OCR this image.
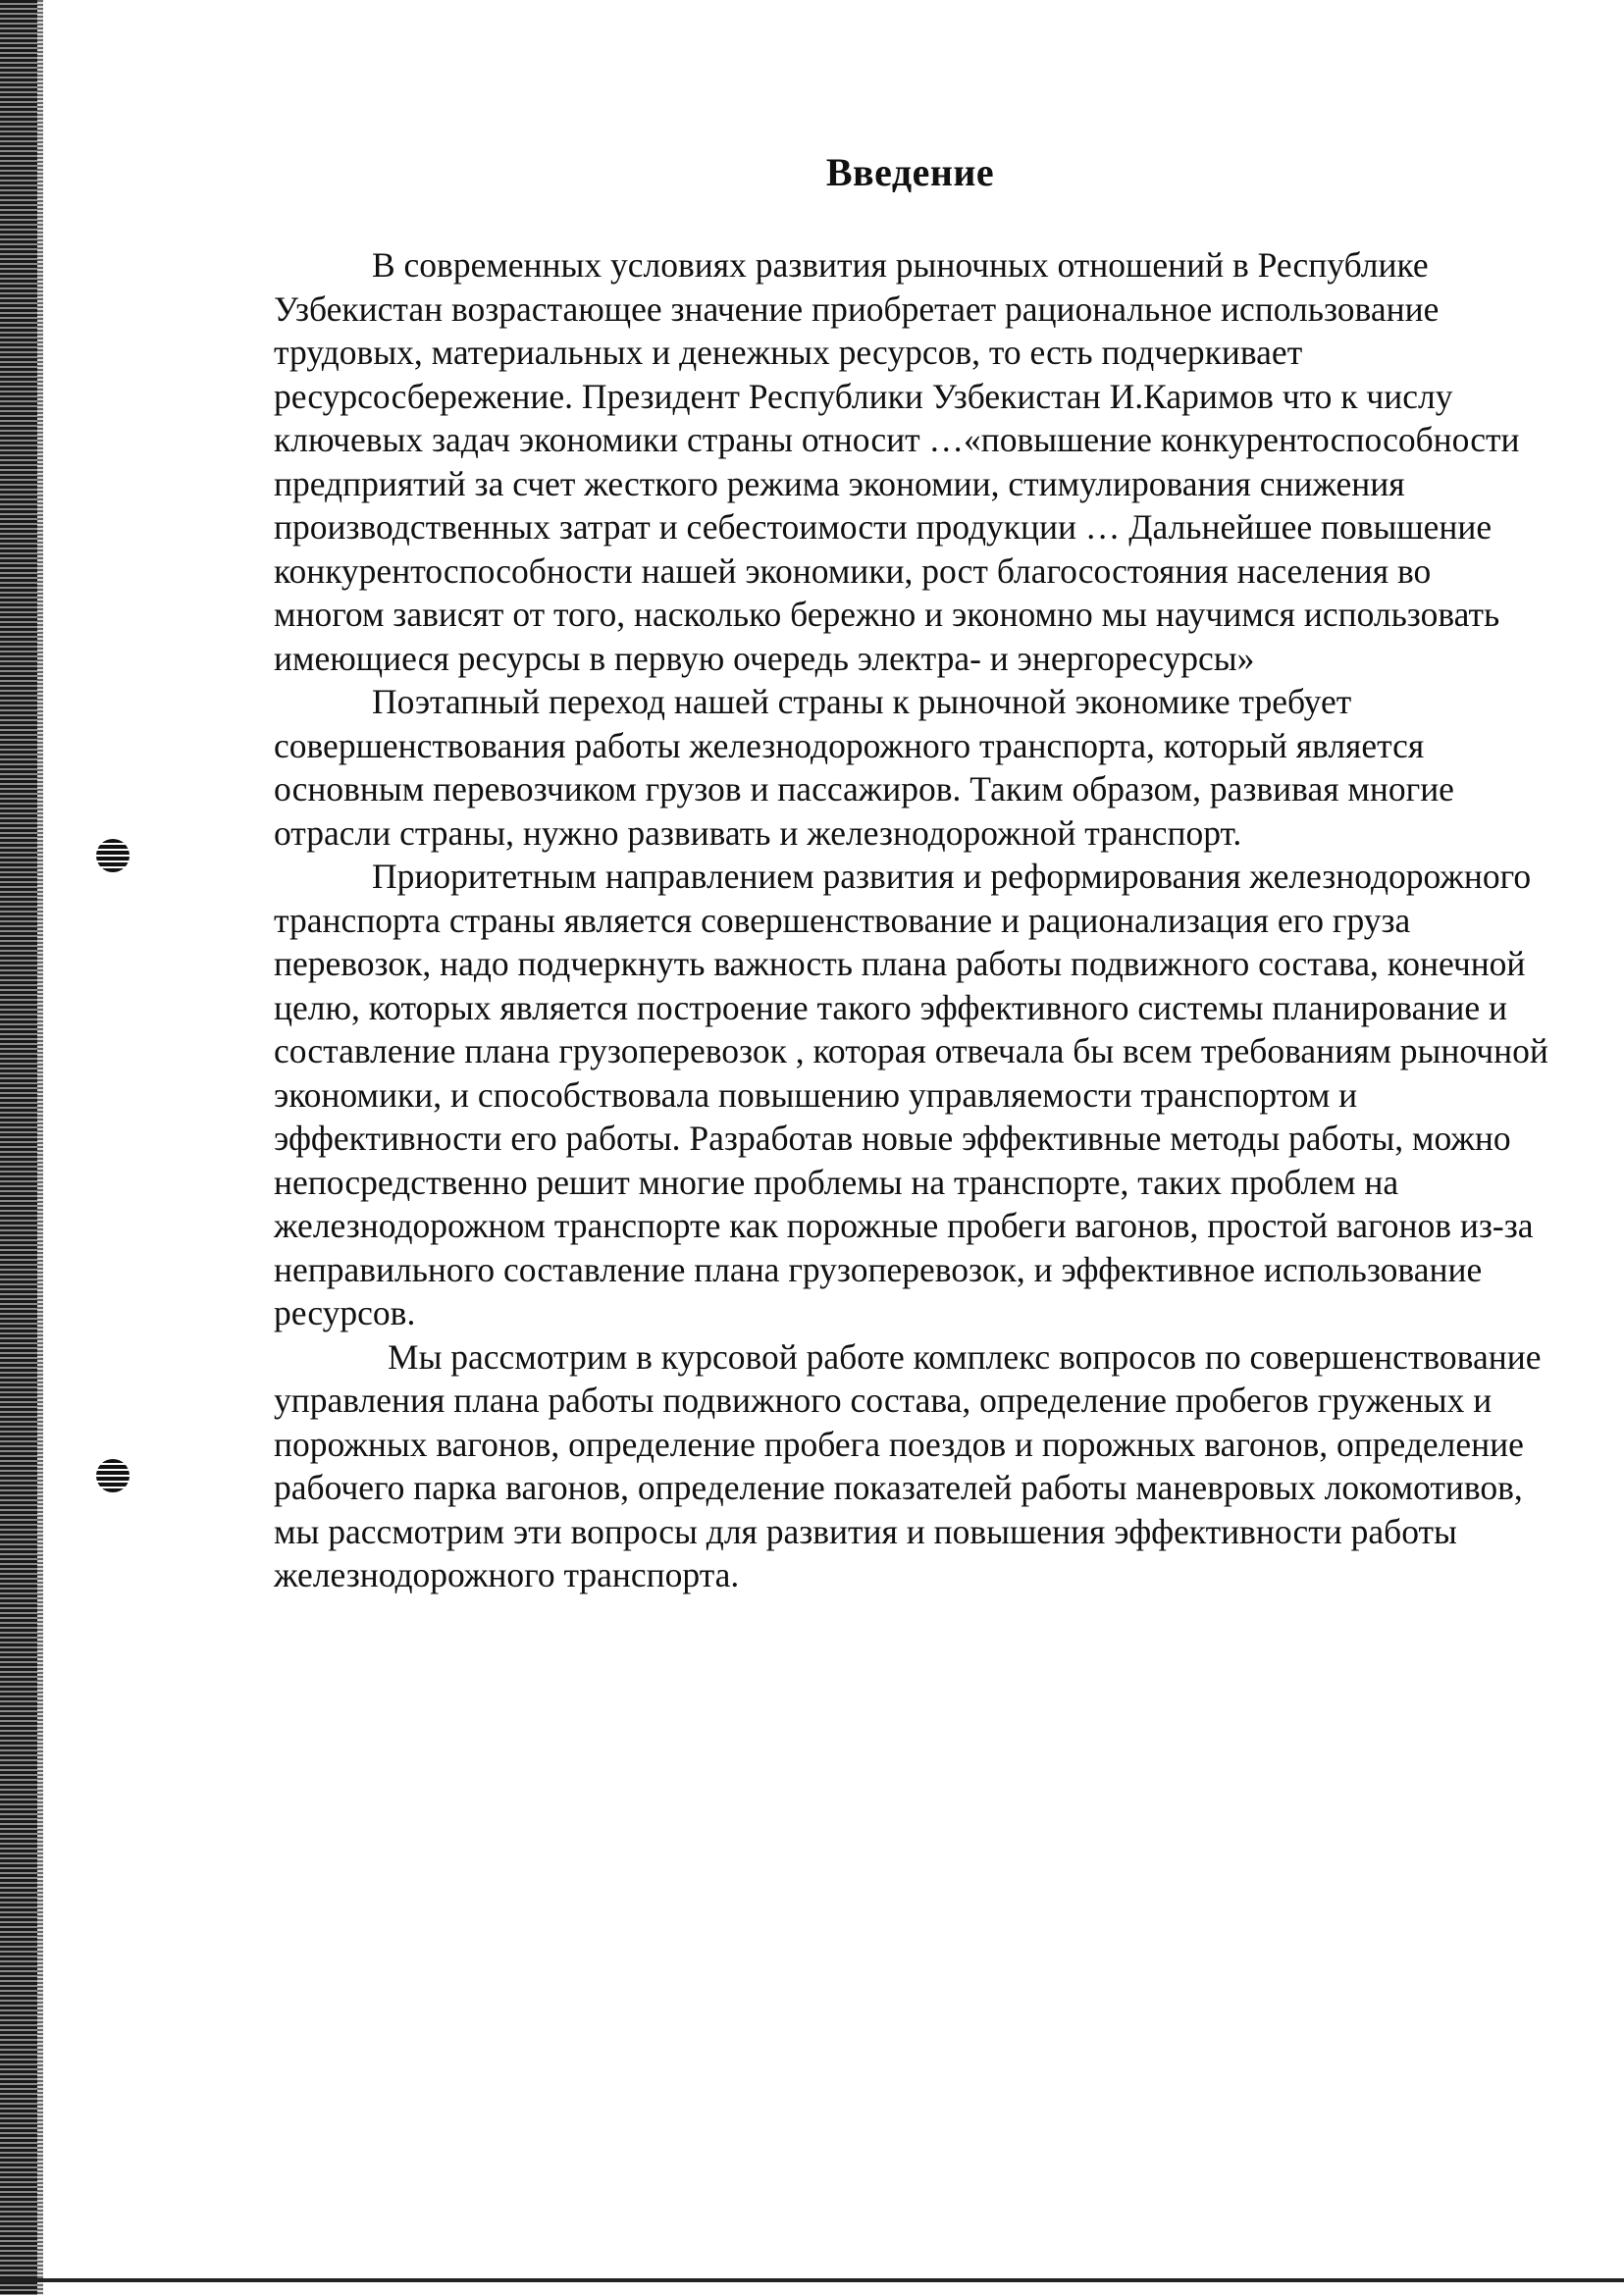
Введение

В современных условиях развития рыночных отношений в Республике Узбекистан возрастающее значение приобретает рациональное использование трудовых, материальных и денежных ресурсов, то есть подчеркивает ресурсосбережение. Президент Республики Узбекистан И.Каримов что к числу ключевых задач экономики страны относит …«повышение конкурентоспособности предприятий за счет жесткого режима экономии, стимулирования снижения производственных затрат и себестоимости продукции … Дальнейшее повышение конкурентоспособности нашей экономики, рост благосостояния населения во многом зависят от того, насколько бережно и экономно мы научимся использовать имеющиеся ресурсы в первую очередь электра- и энергоресурсы»

Поэтапный переход нашей страны к рыночной экономике требует совершенствования работы железнодорожного транспорта, который является основным перевозчиком грузов и пассажиров. Таким образом, развивая многие отрасли страны, нужно развивать и железнодорожной транспорт.

Приоритетным направлением развития и реформирования железнодорожного транспорта страны является совершенствование и рационализация его груза перевозок, надо подчеркнуть важность плана работы подвижного состава, конечной целю, которых является построение такого эффективного системы планирование и составление плана грузоперевозок , которая отвечала бы всем требованиям рыночной экономики, и способствовала повышению управляемости транспортом и эффективности его работы. Разработав новые эффективные методы работы, можно непосредственно решит многие проблемы на транспорте, таких проблем на железнодорожном транспорте как порожные пробеги вагонов, простой вагонов из-за неправильного составление плана грузоперевозок, и эффективное использование ресурсов.

Мы рассмотрим в курсовой работе комплекс вопросов по совершенствование управления плана работы подвижного состава, определение пробегов груженых и порожных вагонов, определение пробега поездов и порожных вагонов, определение рабочего парка вагонов, определение показателей работы маневровых локомотивов, мы рассмотрим эти вопросы для развития и повышения эффективности работы железнодорожного транспорта.
